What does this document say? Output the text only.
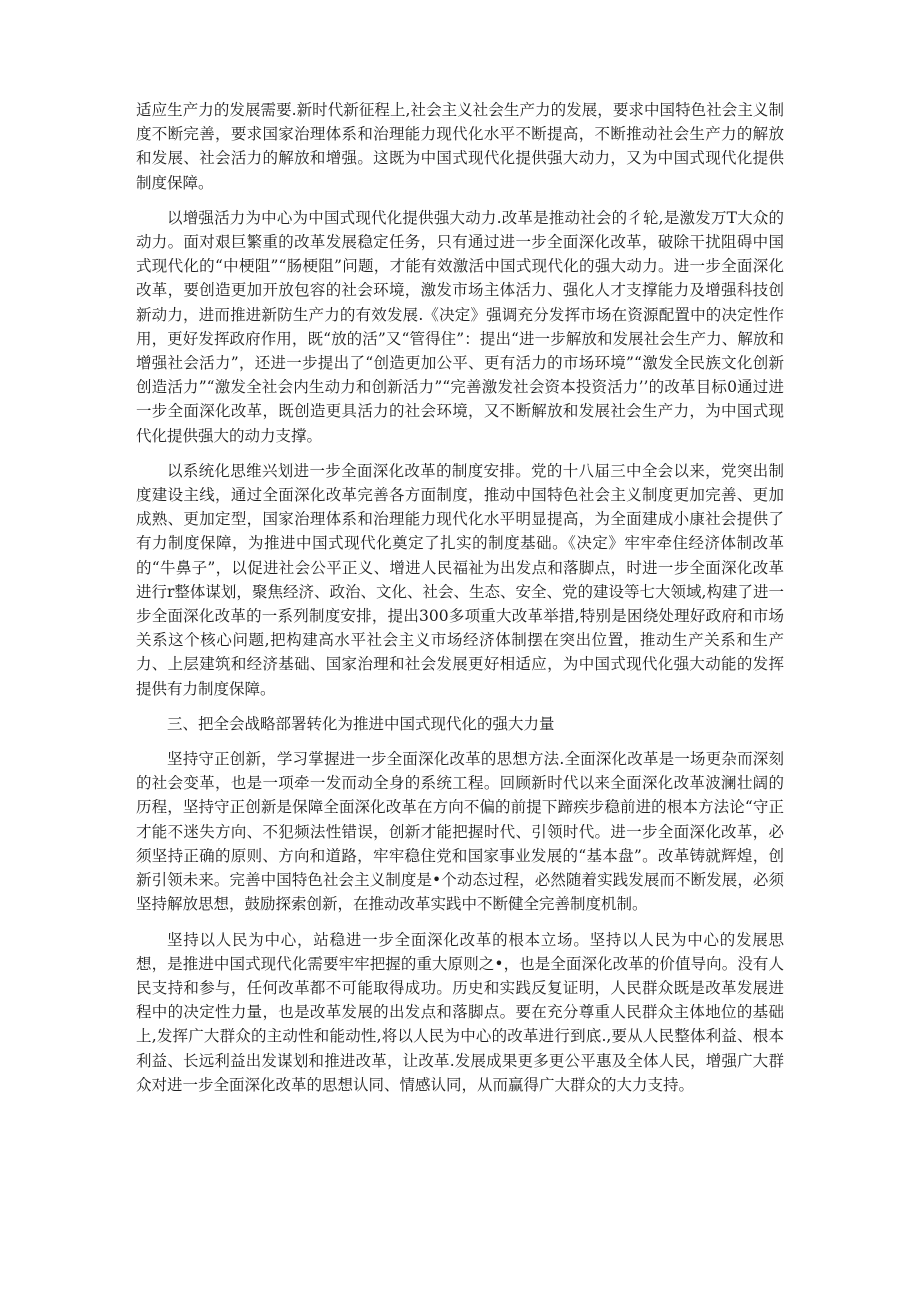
适应生产力的发展需要.新时代新征程上,社会主义社会生产力的发展，要求中国特色社会主义制度不断完善，要求国家治理体系和治理能力现代化水平不断提高，不断推动社会生产力的解放和发展、社会活力的解放和增强。这既为中国式现代化提供强大动力，又为中国式现代化提供制度保障。

以增强活力为中心为中国式现代化提供强大动力.改革是推动社会的彳轮,是激发万T大众的动力。面对艰巨繁重的改革发展稳定任务，只有通过进一步全面深化改革，破除干扰阻碍中国式现代化的“中梗阻”“肠梗阻”问题，才能有效激活中国式现代化的强大动力。进一步全面深化改革，要创造更加开放包容的社会环境，激发市场主体活力、强化人才支撑能力及增强科技创新动力，进而推进新防生产力的有效发展.《决定》强调充分发挥市场在资源配置中的决定性作用，更好发挥政府作用，既“放的活”又“管得住”：提出“进一步解放和发展社会生产力、解放和增强社会活力”，还进一步提出了“创造更加公平、更有活力的市场环境”“激发全民族文化创新创造活力”“激发全社会内生动力和创新活力”“完善激发社会资本投资活力’’的改革目标0通过进一步全面深化改革，既创造更具活力的社会环境，又不断解放和发展社会生产力，为中国式现代化提供强大的动力支撑。

以系统化思维兴划进一步全面深化改革的制度安排。党的十八届三中全会以来，党突出制度建设主线，通过全面深化改革完善各方面制度，推动中国特色社会主义制度更加完善、更加成熟、更加定型，国家治理体系和治理能力现代化水平明显提高，为全面建成小康社会提供了有力制度保障，为推进中国式现代化奠定了扎实的制度基础。《决定》牢牢牵住经济体制改革的“牛鼻子”，以促进社会公平正义、增进人民福祉为出发点和落脚点，时进一步全面深化改革进行r整体谋划，聚焦经济、政治、文化、社会、生态、安全、党的建设等七大领域,构建了进一步全面深化改革的一系列制度安排，提出300多项重大改革举措,特别是困绕处理好政府和市场关系这个核心问题,把构建高水平社会主义市场经济体制摆在突出位置，推动生产关系和生产力、上层建筑和经济基础、国家治理和社会发展更好相适应，为中国式现代化强大动能的发挥提供有力制度保障。

三、把全会战略部署转化为推进中国式现代化的强大力量

坚持守正创新，学习掌握进一步全面深化改革的思想方法.全面深化改革是一场更杂而深刻的社会变革，也是一项牵一发而动全身的系统工程。回顾新时代以来全面深化改革波澜壮阔的历程，坚持守正创新是保障全面深化改革在方向不偏的前提下蹄疾步稳前进的根本方法论“守正才能不迷失方向、不犯频法性错误，创新才能把握时代、引领时代。进一步全面深化改革，必须坚持正确的原则、方向和道路，牢牢稳住党和国家事业发展的“基本盘”。改革铸就辉煌，创新引领未来。完善中国特色社会主义制度是•个动态过程，必然随着实践发展而不断发展，必须坚持解放思想，鼓励探索创新，在推动改革实践中不断健全完善制度机制。

坚持以人民为中心，站稳进一步全面深化改革的根本立场。坚持以人民为中心的发展思想，是推进中国式现代化需要牢牢把握的重大原则之•，也是全面深化改革的价值导向。没有人民支持和参与，任何改革都不可能取得成功。历史和实践反复证明，人民群众既是改革发展进程中的决定性力量，也是改革发展的出发点和落脚点。要在充分尊重人民群众主体地位的基础上,发挥广大群众的主动性和能动性,将以人民为中心的改革进行到底.,要从人民整体利益、根本利益、长远利益出发谋划和推进改革，让改革.发展成果更多更公平惠及全体人民，增强广大群众对进一步全面深化改革的思想认同、情感认同，从而赢得广大群众的大力支持。
